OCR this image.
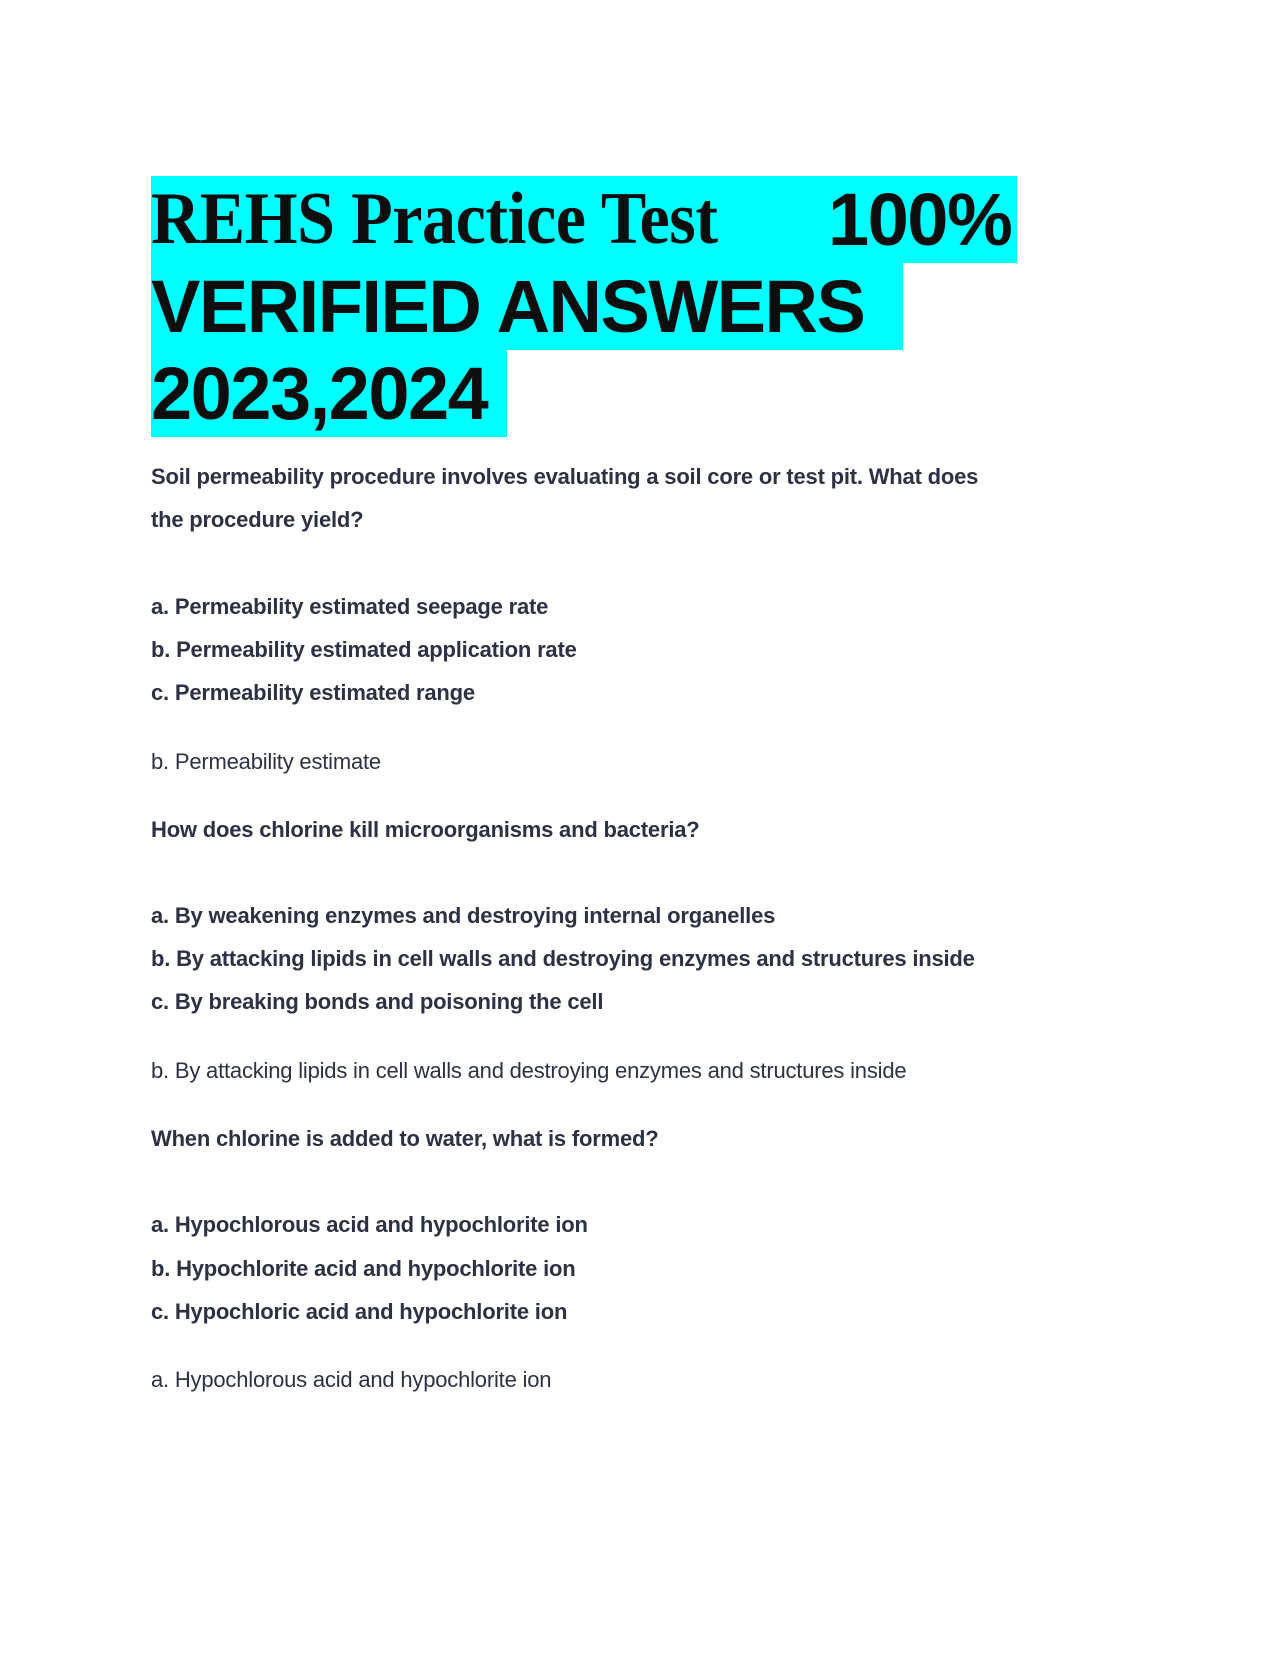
REHS Practice Test	100%
VERIFIED ANSWERS
2023,2024
Soil permeability procedure involves evaluating a soil core or test pit. What does
the procedure yield?
a. Permeability estimated seepage rate
b. Permeability estimated application rate
c. Permeability estimated range
b. Permeability estimate
How does chlorine kill microorganisms and bacteria?
a. By weakening enzymes and destroying internal organelles
b. By attacking lipids in cell walls and destroying enzymes and structures inside
c. By breaking bonds and poisoning the cell
b. By attacking lipids in cell walls and destroying enzymes and structures inside
When chlorine is added to water, what is formed?
a. Hypochlorous acid and hypochlorite ion
b. Hypochlorite acid and hypochlorite ion
c. Hypochloric acid and hypochlorite ion
a. Hypochlorous acid and hypochlorite ion
